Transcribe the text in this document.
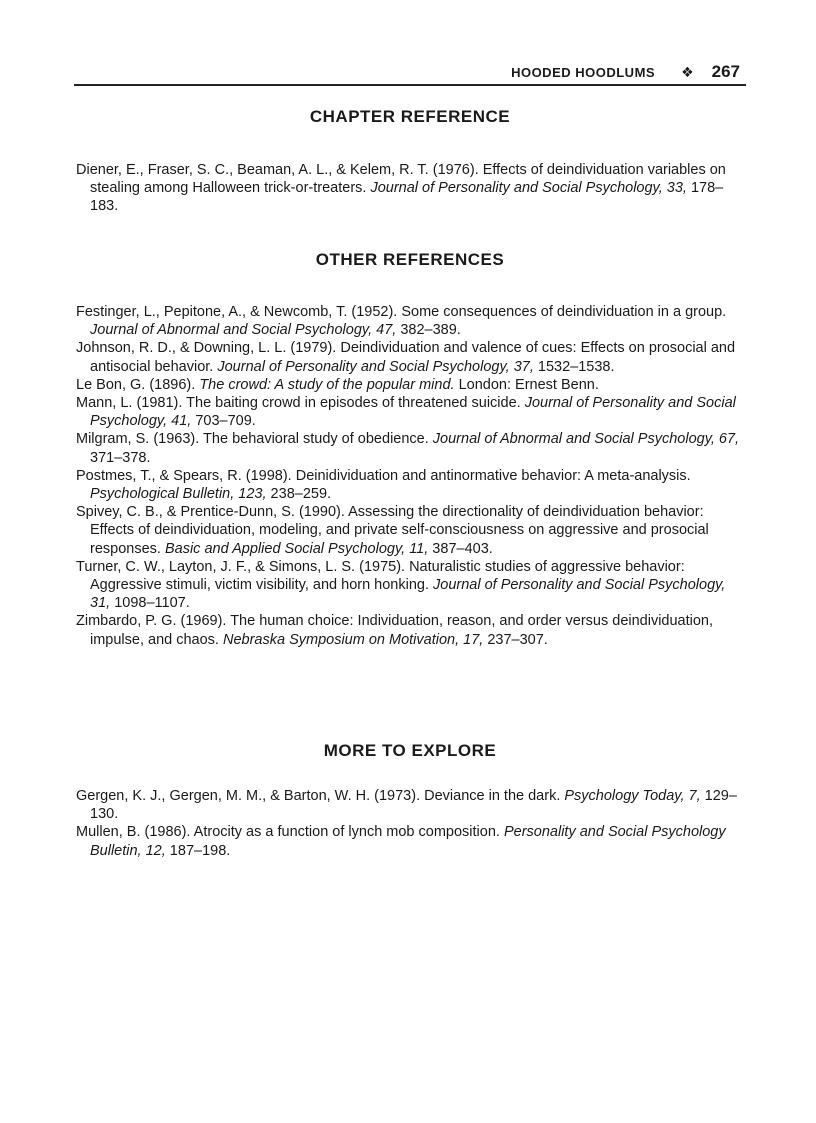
HOODED HOODLUMS ❖ 267
CHAPTER REFERENCE
Diener, E., Fraser, S. C., Beaman, A. L., & Kelem, R. T. (1976). Effects of deindividuation variables on stealing among Halloween trick-or-treaters. Journal of Personality and Social Psychology, 33, 178–183.
OTHER REFERENCES
Festinger, L., Pepitone, A., & Newcomb, T. (1952). Some consequences of deindividuation in a group. Journal of Abnormal and Social Psychology, 47, 382–389.
Johnson, R. D., & Downing, L. L. (1979). Deindividuation and valence of cues: Effects on prosocial and antisocial behavior. Journal of Personality and Social Psychology, 37, 1532–1538.
Le Bon, G. (1896). The crowd: A study of the popular mind. London: Ernest Benn.
Mann, L. (1981). The baiting crowd in episodes of threatened suicide. Journal of Personality and Social Psychology, 41, 703–709.
Milgram, S. (1963). The behavioral study of obedience. Journal of Abnormal and Social Psychology, 67, 371–378.
Postmes, T., & Spears, R. (1998). Deinidividuation and antinormative behavior: A meta-analysis. Psychological Bulletin, 123, 238–259.
Spivey, C. B., & Prentice-Dunn, S. (1990). Assessing the directionality of deindividuation behavior: Effects of deindividuation, modeling, and private self-consciousness on aggressive and prosocial responses. Basic and Applied Social Psychology, 11, 387–403.
Turner, C. W., Layton, J. F., & Simons, L. S. (1975). Naturalistic studies of aggressive behavior: Aggressive stimuli, victim visibility, and horn honking. Journal of Personality and Social Psychology, 31, 1098–1107.
Zimbardo, P. G. (1969). The human choice: Individuation, reason, and order versus deindividuation, impulse, and chaos. Nebraska Symposium on Motivation, 17, 237–307.
MORE TO EXPLORE
Gergen, K. J., Gergen, M. M., & Barton, W. H. (1973). Deviance in the dark. Psychology Today, 7, 129–130.
Mullen, B. (1986). Atrocity as a function of lynch mob composition. Personality and Social Psychology Bulletin, 12, 187–198.
